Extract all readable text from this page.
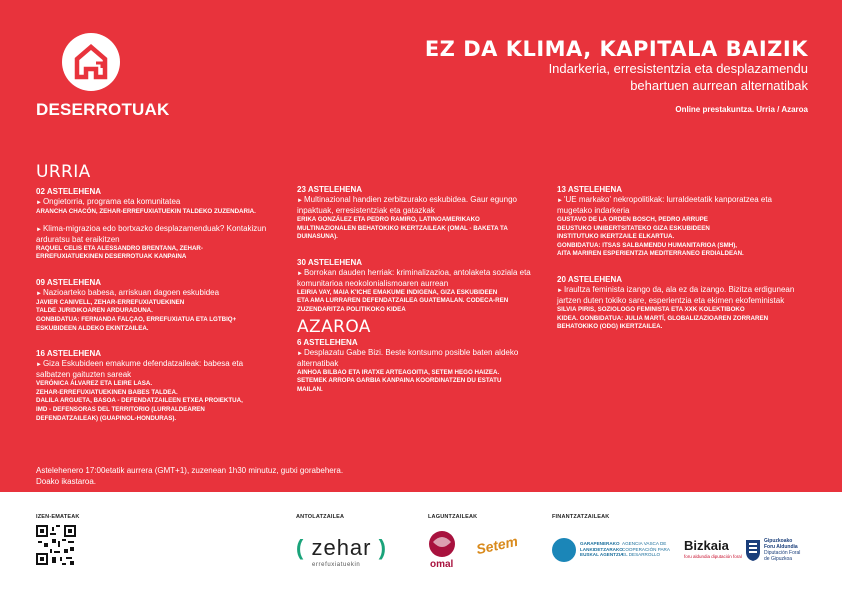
DESERROTUAK
EZ DA KLIMA, KAPITALA BAIZIK
Indarkeria, erresistentzia eta desplazamendu
behartuen aurrean alternatibak
Online prestakuntza. Urria / Azaroa
URRIA
02 ASTELEHENA
►Ongietorria, programa eta komunitatea
ARANCHA CHACÓN, ZEHAR-ERREFUXIATUEKIN TALDEKO ZUZENDARIA.
►Klima-migrazioa edo bortxazko desplazamenduak? Kontakizun arduratsu bat eraikitzen
RAQUEL CELIS ETA ALESSANDRO BRENTANA, ZEHAR-
ERREFUXIATUEKINEN DESERROTUAK KANPAINA
09 ASTELEHENA
►Nazioarteko babesa, arriskuan dagoen eskubidea
JAVIER CANIVELL, ZEHAR-ERREFUXIATUEKINEN
TALDE JURIDIKOAREN ARDURADUNA.
GONBIDATUA: FERNANDA FALÇAO, ERREFUXIATUA ETA LGTBIQ+
ESKUBIDEEN ALDEKO EKINTZAILEA.
16 ASTELEHENA
►Giza Eskubideen emakume defendatzaileak: babesa eta salbatzen gaituzten sareak
VERÓNICA ÁLVAREZ ETA LEIRE LASA.
ZEHAR-ERREFUXIATUEKINEN BABES TALDEA.
DALILA ARGUETA, BASOA - DEFENDATZAILEEN ETXEA PROIEKTUA,
IMD - DEFENSORAS DEL TERRITORIO (LURRALDEAREN
DEFENDATZAILEAK) (GUAPINOL-HONDURAS).
23 ASTELEHENA
►Multinazional handien zerbitzurako eskubidea. Gaur egungo inpaktuak, erresistentziak eta gatazkak
ERIKA GONZÁLEZ ETA PEDRO RAMIRO, LATINOAMERIKAKO
MULTINAZIONALEN BEHATOKIKO IKERTZAILEAK (OMAL - BAKETA TA
DUINASUNA).
30 ASTELEHENA
►Borrokan dauden herriak: kriminalizazioa, antolaketa soziala eta komunitarioa neokolonialismoaren aurrean
LEIRIA VAY, MAIA K'ICHE EMAKUME INDIGENA, GIZA ESKUBIDEEN
ETA AMA LURRAREN DEFENDATZAILEA GUATEMALAN. CODECA-REN
ZUZENDARITZA POLITIKOKO KIDEA
AZAROA
6 ASTELEHENA
►Desplazatu Gabe Bizi. Beste kontsumo posible baten aldeko alternatibak
AINHOA BILBAO ETA IRATXE ARTEAGOITIA, SETEM HEGO HAIZEA.
SETEMEK ARROPA GARBIA KANPAINA KOORDINATZEN DU ESTATU
MAILAN.
13 ASTELEHENA
►'UE markako' nekropolitikak: lurraldeetatik kanporatzea eta mugetako indarkeria
GUSTAVO DE LA ORDEN BOSCH, PEDRO ARRUPE
DEUSTUKO UNIBERTSITATEKO GIZA ESKUBIDEEN
INSTITUTUKO IKERTZAILE ELKARTUA.
GONBIDATUA: ITSAS SALBAMENDU HUMANITARIOA (SMH),
AITA MARIREN ESPERIENTZIA MEDITERRANEO ERDIALDEAN.
20 ASTELEHENA
►Iraultza feminista izango da, ala ez da izango. Bizitza erdigunean jartzen duten tokiko sare, esperientzia eta ekimen ekofeministak
SILVIA PIRIS, SOZIOLOGO FEMINISTA ETA XXK KOLEKTIBOKO
KIDEA. GONBIDATUA: JULIA MARTÍ, GLOBALIZAZIOAREN ZORRAREN
BEHATOKIKO (ODG) IKERTZAILEA.
Astelehenero 17:00etatik aurrera (GMT+1), zuzenean 1h30 minutuz, gutxi gorabehera.
Doako ikastaroa.
IZEN-EMATEAK	ANTOLATZAILEA
( zehar )
errefuxiatuekin
LAGUNTZAILEAK
omal
Setem
FINANTZATZAILEAK
GARAPENERAKO
LANKIDETZARAKO
EUSKAL AGENTZIA
AGENCIA VASCA DE
COOPERACIÓN PARA
EL DESARROLLO
Bizkaia
foru aldundia diputación foral
Gipuzkoako
Foru Aldundia
Diputación Foral
de Gipuzkoa
